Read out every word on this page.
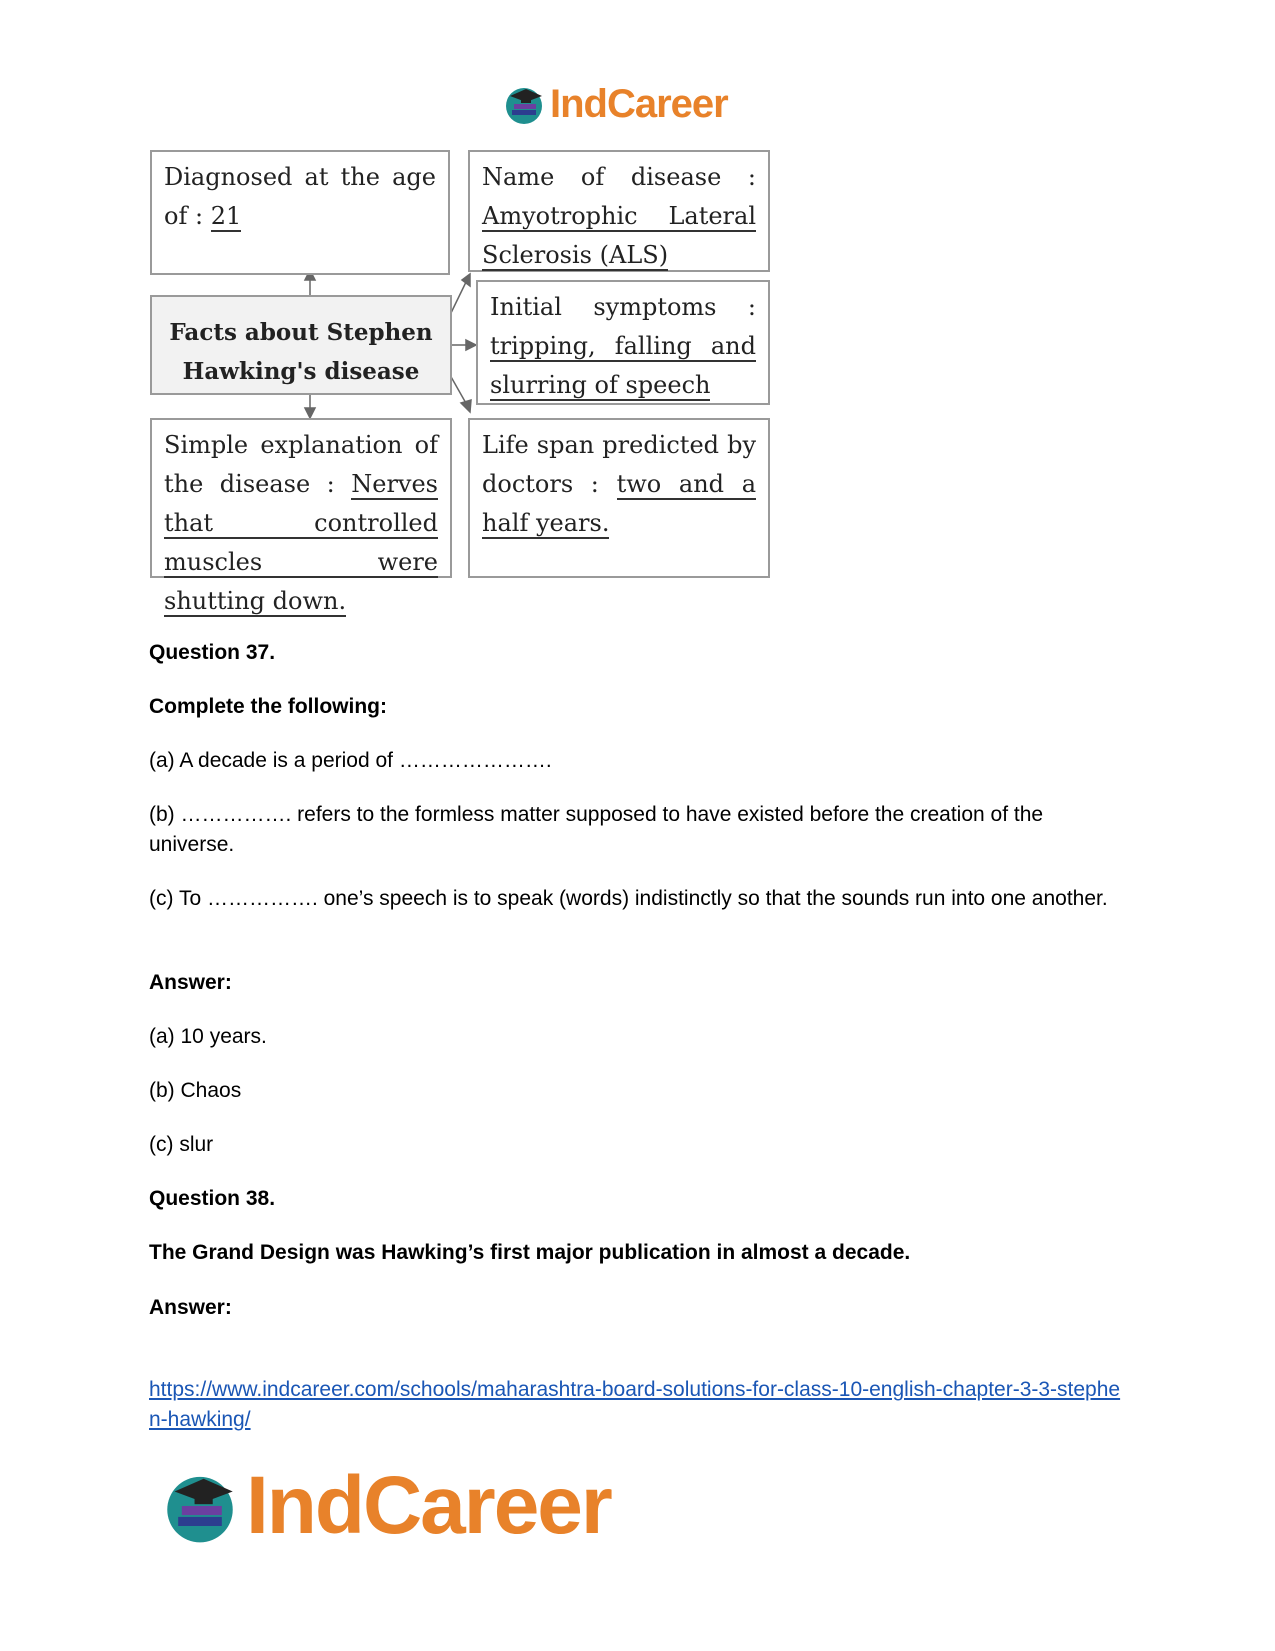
IndCareer
Diagnosed at the age of : 21
Name of disease : Amyotrophic Lateral Sclerosis (ALS)
Facts about Stephen Hawking's disease
Initial symptoms : tripping, falling and slurring of speech
Simple explanation of the disease : Nerves that controlled muscles were shutting down.
Life span predicted by doctors : two and a half years.
Question 37.
Complete the following:
(a) A decade is a period of ………………….
(b) ……………. refers to the formless matter supposed to have existed before the creation of the universe.
(c) To ……………. one’s speech is to speak (words) indistinctly so that the sounds run into one another.
Answer:
(a) 10 years.
(b) Chaos
(c) slur
Question 38.
The Grand Design was Hawking’s first major publication in almost a decade.
Answer:
https://www.indcareer.com/schools/maharashtra-board-solutions-for-class-10-english-chapter-3-3-stephen-hawking/
IndCareer
